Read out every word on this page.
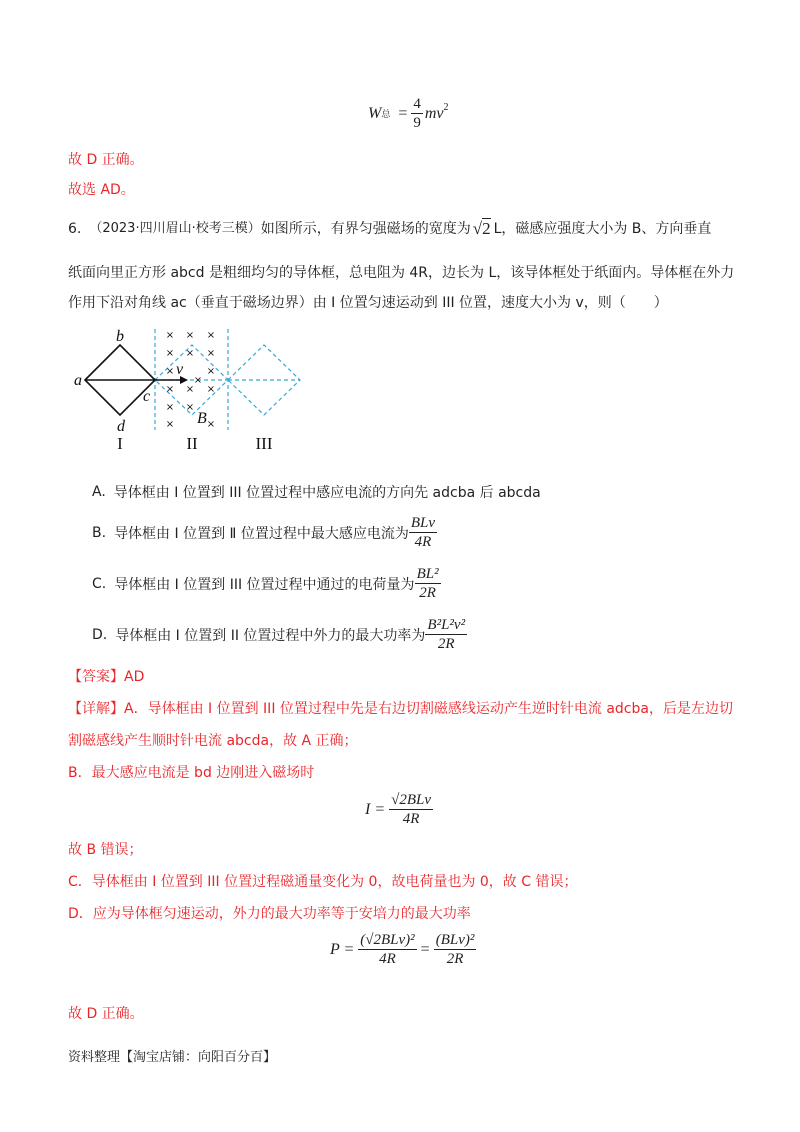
W 总 = $\frac{4}{9} mv^2$
故 D 正确。
故选 AD。
6. （2023·四川眉山·校考三模） 如图所示，有界匀强磁场的宽度为 √2 L，磁感应强度大小为 B、方向垂直
纸面向里正方形 abcd 是粗细均匀的导体框，总电阻为 4R，边长为 L，该导体框处于纸面内。导体框在外力
作用下沿对角线 ac（垂直于磁场边界）由 I 位置匀速运动到 III 位置，速度大小为 v，则（　　）
× × ×
× × ×
×	×
×
× × ×
× ×
×	×
a
b
c
d
v
B
I	II	III
A. 导体框由 I 位置到 III 位置过程中感应电流的方向先 adcba 后 abcda
B. 导体框由 Ⅰ 位置到 Ⅱ 位置过程中最大感应电流为 $\frac{\text{BLv}}{4R}$
C. 导体框由 I 位置到 III 位置过程中通过的电荷量为 $\frac{\text{BL²}}{2R}$
D. 导体框由 I 位置到 II 位置过程中外力的最大功率为 $\frac{\text{B²L²v²}}{2R}$
【答案】AD
【详解】A．导体框由 I 位置到 III 位置过程中先是右边切割磁感线运动产生逆时针电流 adcba，后是左边切
割磁感线产生顺时针电流 abcda，故 A 正确；
B．最大感应电流是 bd 边刚进入磁场时
$I = \frac{\text{√2BLv}}{4R}$
故 B 错误；
C．导体框由 I 位置到 III 位置过程磁通量变化为 0，故电荷量也为 0，故 C 错误；
D．应为导体框匀速运动，外力的最大功率等于安培力的最大功率
$P = \frac{\text{(√2BLv)²}}{4R} = \frac{\text{(BLv)²}}{2R}$
故 D 正确。
资料整理【淘宝店铺：向阳百分百】
